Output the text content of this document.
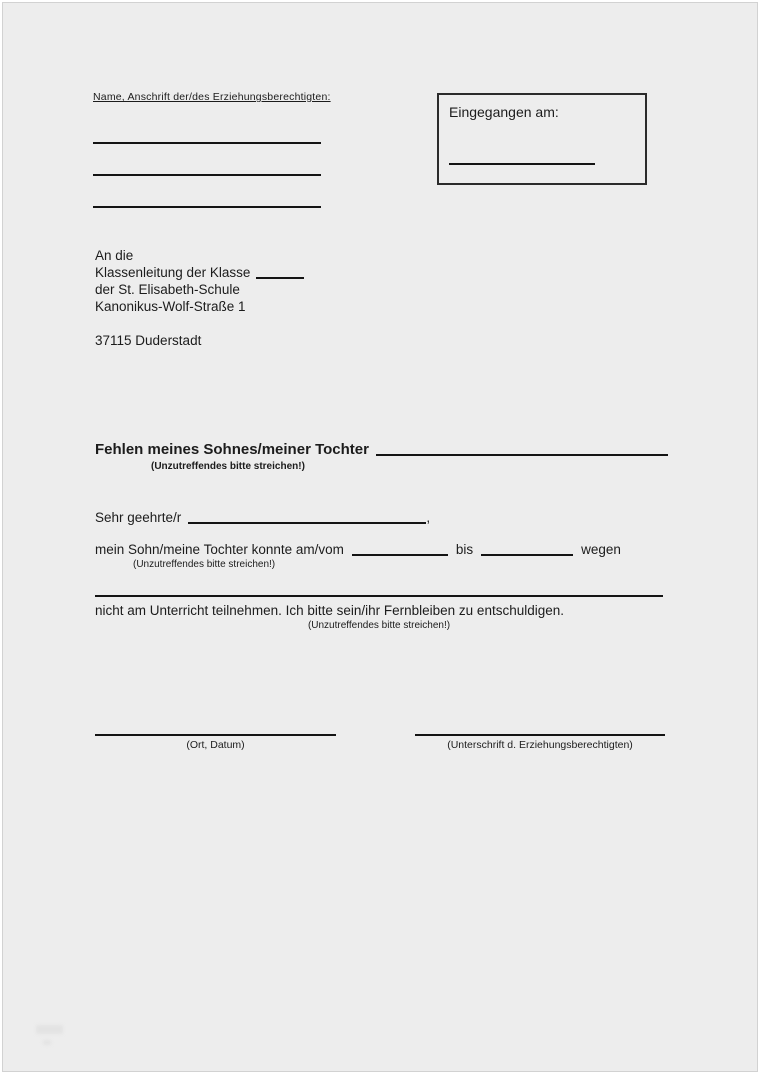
Name, Anschrift der/des Erziehungsberechtigten:
Eingegangen am:
An die
Klassenleitung der Klasse
der St. Elisabeth-Schule
Kanonikus-Wolf-Straße 1
37115 Duderstadt
Fehlen meines Sohnes/meiner Tochter
(Unzutreffendes bitte streichen!)
Sehr geehrte/r	,
mein Sohn/meine Tochter konnte am/vom	bis	wegen
(Unzutreffendes bitte streichen!)
nicht am Unterricht teilnehmen. Ich bitte sein/ihr Fernbleiben zu entschuldigen.
(Unzutreffendes bitte streichen!)
(Ort, Datum)	(Unterschrift d. Erziehungsberechtigten)
